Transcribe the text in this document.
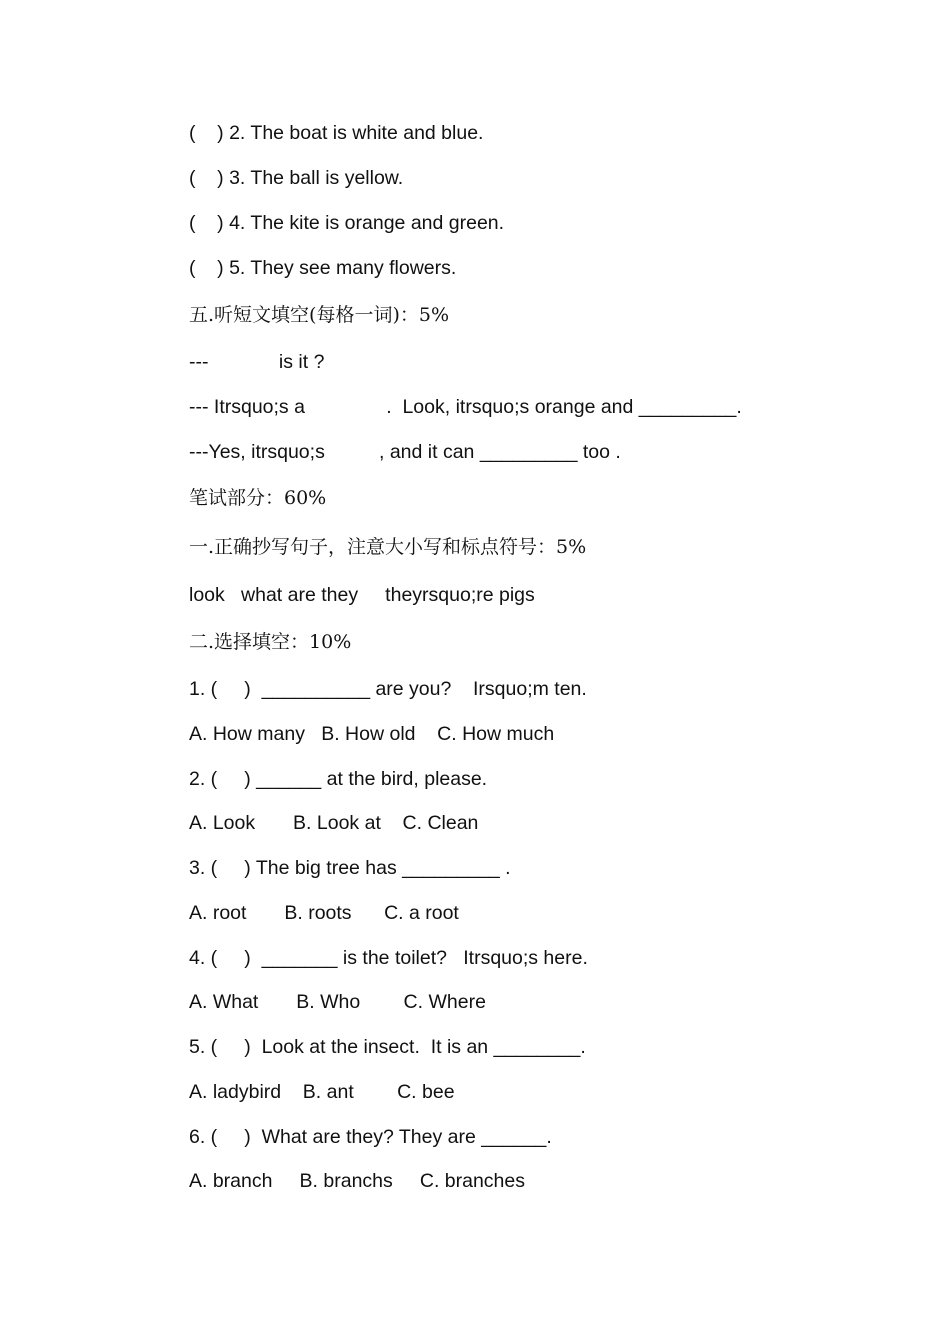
(    ) 2. The boat is white and blue.
(    ) 3. The ball is yellow.
(    ) 4. The kite is orange and green.
(    ) 5. They see many flowers.
五.听短文填空(每格一词)：5%
---             is it ?
--- Itrsquo;s a               .  Look, itrsquo;s orange and _________.
---Yes, itrsquo;s          , and it can _________ too .
笔试部分：60%
一.正确抄写句子，注意大小写和标点符号：5%
look   what are they     theyrsquo;re pigs
二.选择填空：10%
1. (     )  __________ are you?    Irsquo;m ten.
A. How many   B. How old    C. How much
2. (     ) ______ at the bird, please.
A. Look       B. Look at    C. Clean
3. (     ) The big tree has _________ .
A. root       B. roots      C. a root
4. (     )  _______ is the toilet?   Itrsquo;s here.
A. What       B. Who        C. Where
5. (     )  Look at the insect.  It is an ________.
A. ladybird    B. ant        C. bee
6. (     )  What are they? They are ______.
A. branch     B. branchs     C. branches
